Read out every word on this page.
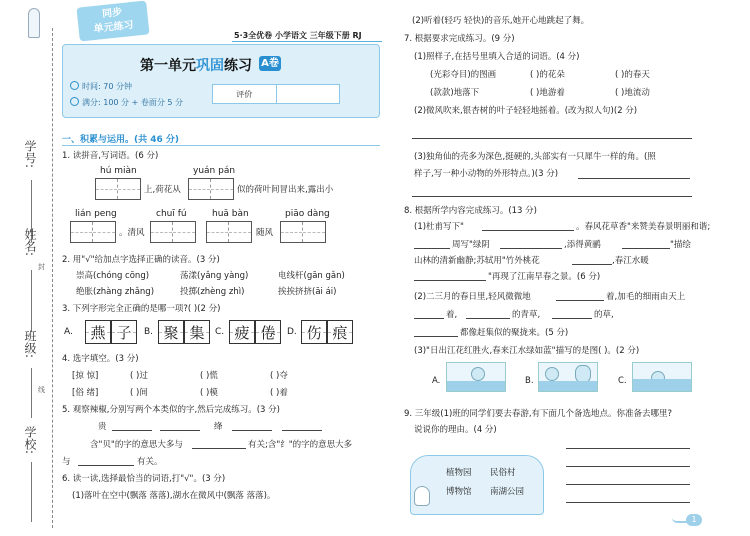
学号:
姓名:
封
班级:
线
学校:
同步
单元练习
5·3全优卷 小学语文 三年级下册 RJ
第一单元巩固练习 A卷
时间: 70 分钟
满分: 100 分 + 卷面分 5 分
评价
一、积累与运用。(共 46 分)
1. 读拼音,写词语。(6 分)
hú miàn	yuán pán
上,荷花从	似的荷叶间冒出来,露出小
lián peng	chuī fú	huā bàn	piāo dàng
。清风	随风
2. 用"√"给加点字选择正确的读音。(3 分)
崇高(chóng cōng)	荡漾(yǎng yàng)	电线杆(gān gǎn)
绝胀(zhàng zhǎng)	投掷(zhèng zhì)	挨挨挤挤(āi ái)
3. 下列字形完全正确的是哪一项?( )(2 分)
A.	燕 子	B. 聚 集	C. 疲 倦	D. 伤 痕
4. 选字填空。(3 分)
[掠 惊]	( )过	( )慌	( )夺
[俗 绪]	( )间	( )模	( )着
5. 观察辣椒,分别写两个本类似的字,然后完成练习。(3 分)
贵	绛
含"贝"的字的意思大多与	有关;含"纟"的字的意思大多
与	有关。
6. 读一读,选择最恰当的词语,打"√"。(3 分)
(1)落叶在空中(飘落 落落),湖水在微风中(飘落 落落)。
(2)听着(轻巧 轻快)的音乐,她开心地跳起了舞。
7. 根据要求完成练习。(9 分)
(1)照样子,在括号里填入合适的词语。(4 分)
(光彩夺目)的图画	( )的花朵	( )的春天
(款款)地落下	( )地游着	( )地流动
(2)微风吹来,银杏树的叶子轻轻地摇着。(改为拟人句)(2 分)
(3)独角仙的壳多为深色,挺硬的,头部实有一只犀牛一样的角。(照
样子,写一种小动物的外形特点。)(3 分)
8. 根据所学内容完成练习。(13 分)
(1)杜甫写下"	。春风花草香"来赞美春景明丽和谐;
周写"绿阴	,添得黄鹂	"描绘
山林的清新幽静;苏轼用"竹外桃花	,春江水暖
"再现了江南早春之景。(6 分)
(2)二三月的春日里,轻风微微地	着,加毛的细雨由天上
着,	的青草,	的草,
都像赶集似的聚拢来。(5 分)
(3)"日出江花红胜火,春来江水绿如蓝"描写的是图( )。(2 分)
A.	B.	C.
9. 三年级(1)班的同学们要去春游,有下面几个备选地点。你准备去哪里?
说说你的理由。(4 分)
植物园 民俗村
博物馆 南湖公园
1
